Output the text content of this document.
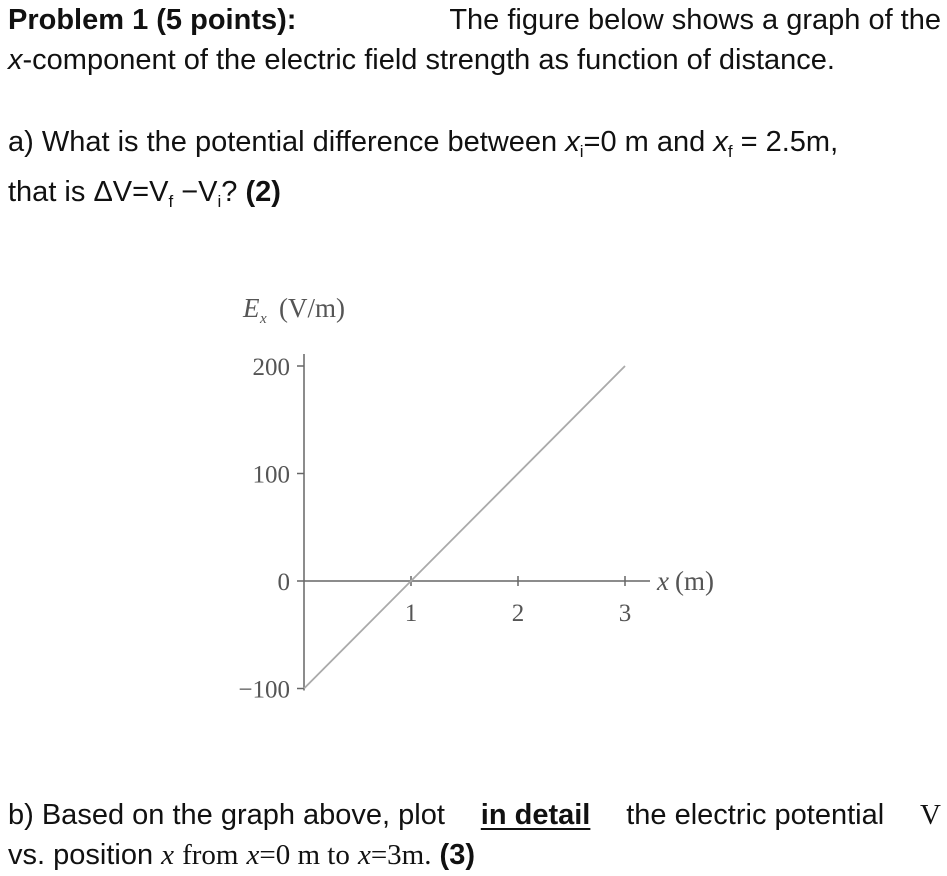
Problem 1 (5 points):	The figure below shows a graph of the
x-component of the electric field strength as function of distance.
a) What is the potential difference between $x_i=0$ m and $x_f = 2.5m$,
that is $\Delta V=V_f -V_i$? (2)
E x (V/m)
200
100
0
−100
1	2	3
x (m)
b) Based on the graph above, plot in detail the electric potential V
vs. position x from x=0 m to x=3m. (3)
